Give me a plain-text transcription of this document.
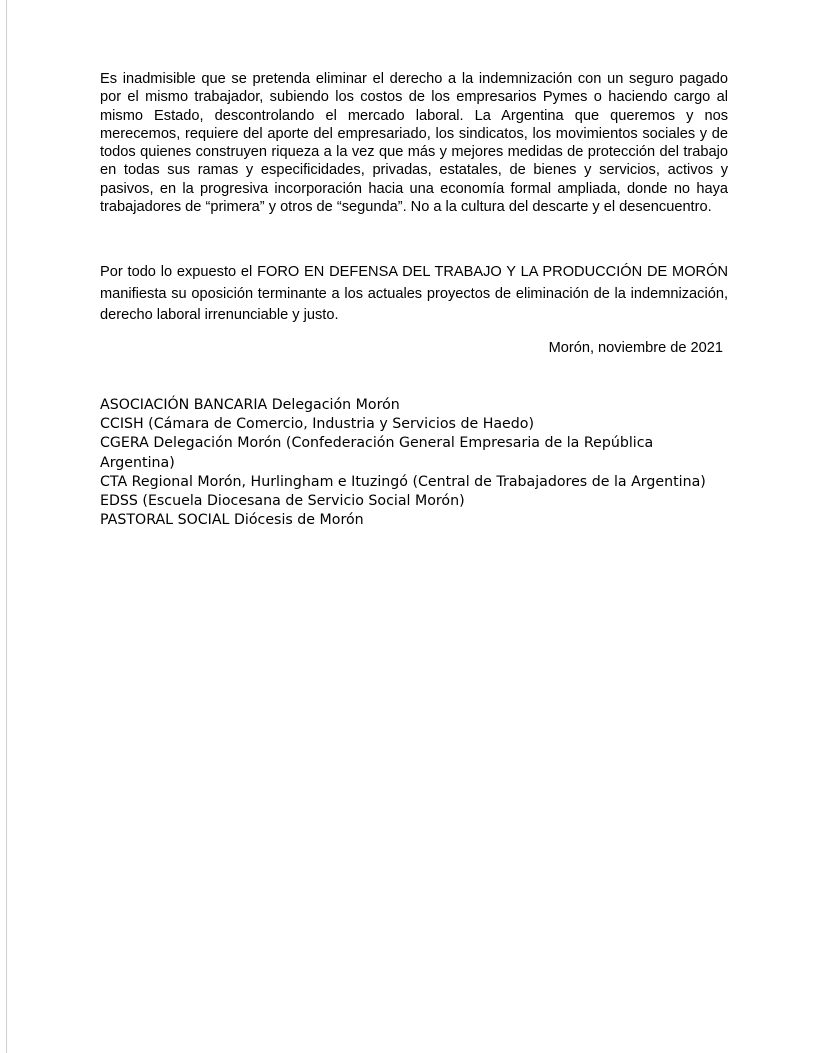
Es inadmisible que se pretenda eliminar el derecho a la indemnización con un seguro pagado por el mismo trabajador, subiendo los costos de los empresarios Pymes o haciendo cargo al mismo Estado, descontrolando el mercado laboral. La Argentina que queremos y nos merecemos, requiere del aporte del empresariado, los sindicatos, los movimientos sociales y de todos quienes construyen riqueza a la vez que más y mejores medidas de protección del trabajo en todas sus ramas y especificidades, privadas, estatales, de bienes y servicios, activos y pasivos, en la progresiva incorporación hacia una economía formal ampliada, donde no haya trabajadores de “primera” y otros de “segunda”. No a la cultura del descarte y el desencuentro.

Por todo lo expuesto el FORO EN DEFENSA DEL TRABAJO Y LA PRODUCCIÓN DE MORÓN manifiesta su oposición terminante a los actuales proyectos de eliminación de la indemnización, derecho laboral irrenunciable y justo.

Morón, noviembre de 2021

ASOCIACIÓN BANCARIA Delegación Morón
CCISH (Cámara de Comercio, Industria y Servicios de Haedo)
CGERA Delegación Morón (Confederación General Empresaria de la República Argentina)
CTA Regional Morón, Hurlingham e Ituzingó (Central de Trabajadores de la Argentina)
EDSS (Escuela Diocesana de Servicio Social Morón)
PASTORAL SOCIAL Diócesis de Morón
